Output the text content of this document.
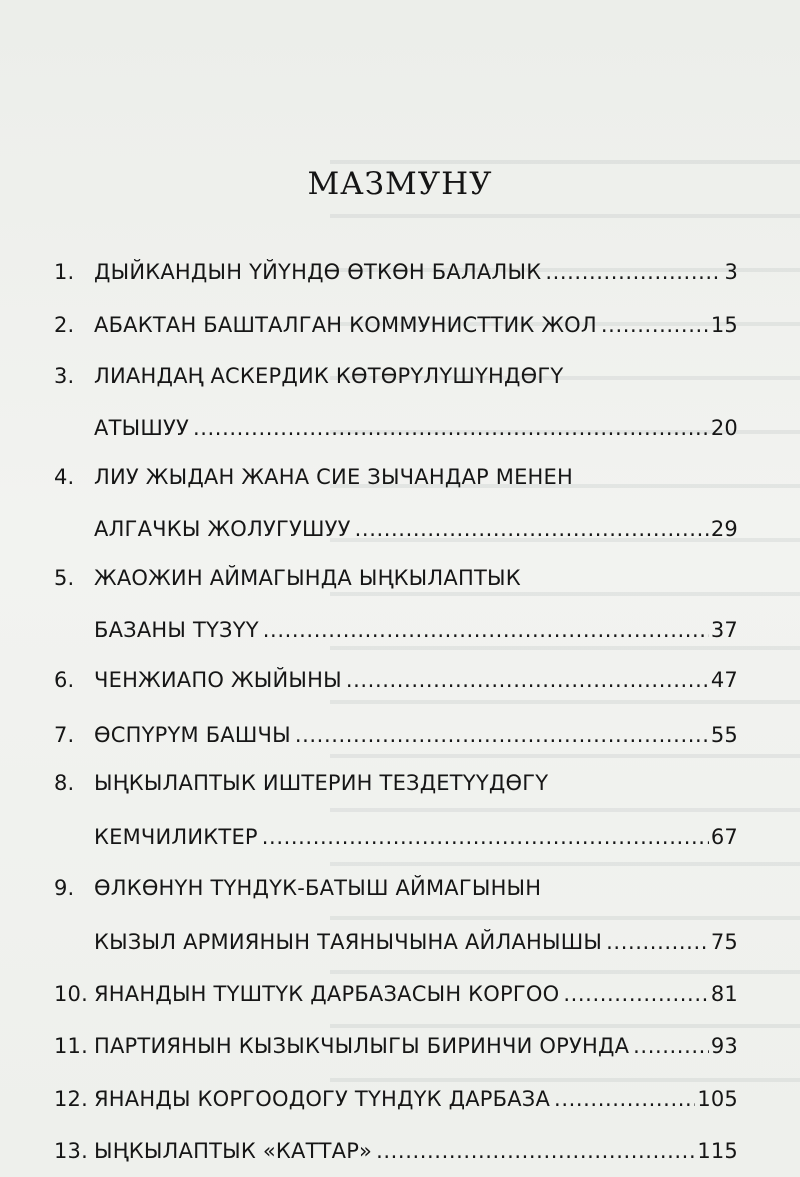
МАЗМУНУ
1. ДЫЙКАНДЫН ҮЙҮНДӨ ӨТКӨН БАЛАЛЫК	3
.....
2. АБАКТАН БАШТАЛГАН КОММУНИСТТИК ЖОЛ	15
.....
3. ЛИАНДАҢ АСКЕРДИК КӨТӨРҮЛҮШҮНДӨГҮ
АТЫШУУ	20
.....
4. ЛИУ ЖЫДАН ЖАНА СИЕ ЗЫЧАНДАР МЕНЕН
АЛГАЧКЫ ЖОЛУГУШУУ	29
.....
5. ЖАОЖИН АЙМАГЫНДА ЫҢКЫЛАПТЫК
БАЗАНЫ ТҮЗҮҮ	37
.....
6. ЧЕНЖИАПО ЖЫЙЫНЫ	47
.....
7. ӨСПҮРҮМ БАШЧЫ	55
.....
8. ЫҢКЫЛАПТЫК ИШТЕРИН ТЕЗДЕТҮҮДӨГҮ
КЕМЧИЛИКТЕР	67
.....
9. ӨЛКӨНҮН ТҮНДҮК-БАТЫШ АЙМАГЫНЫН
КЫЗЫЛ АРМИЯНЫН ТАЯНЫЧЫНА АЙЛАНЫШЫ	75
.....
10. ЯНАНДЫН ТҮШТҮК ДАРБАЗАСЫН КОРГОО	81
.....
11. ПАРТИЯНЫН КЫЗЫКЧЫЛЫГЫ БИРИНЧИ ОРУНДА	93
.....
12. ЯНАНДЫ КОРГООДОГУ ТҮНДҮК ДАРБАЗА	105
.....
13. ЫҢКЫЛАПТЫК «КАТТАР»	115
.....
